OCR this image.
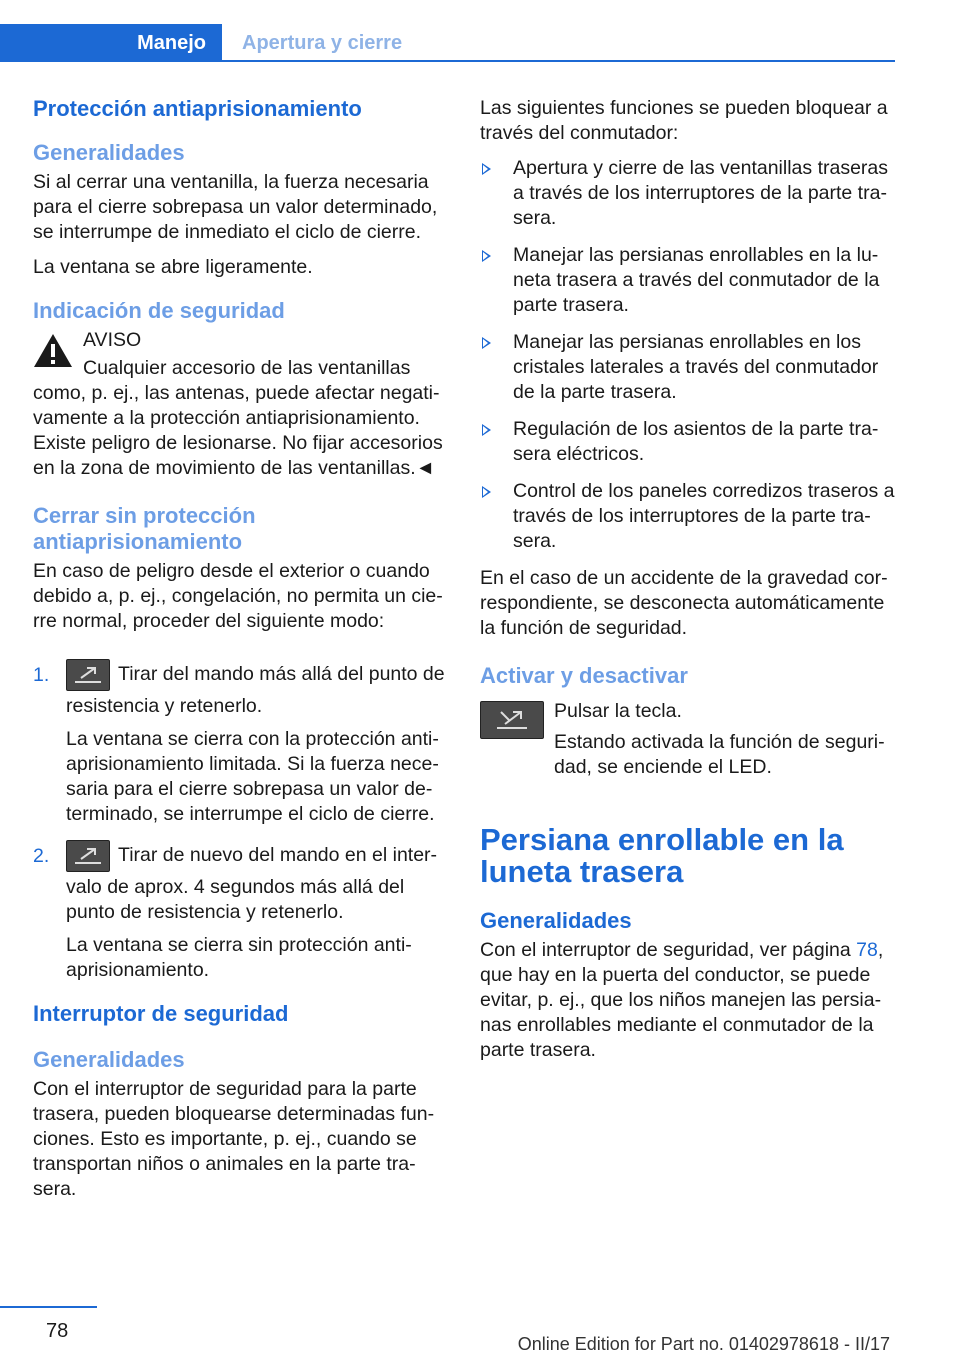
Manejo Apertura y cierre
Protección antiaprisionamiento
Generalidades

Si al cerrar una ventanilla, la fuerza necesaria para el cierre sobrepasa un valor determinado, se interrumpe de inmediato el ciclo de cierre.

La ventana se abre ligeramente.

Indicación de seguridad
AVISO

Cualquier accesorio de las ventanillas como, p. ej., las antenas, puede afectar negativamente a la protección antiaprisionamiento. Existe peligro de lesionarse. No fijar accesorios en la zona de movimiento de las ventanillas.◄

Cerrar sin protección antiaprisionamiento

En caso de peligro desde el exterior o cuando debido a, p. ej., congelación, no permita un cierre normal, proceder del siguiente modo:

1.	Tirar del mando más allá del punto de resistencia y retenerlo.

La ventana se cierra con la protección antiaprisionamiento limitada. Si la fuerza necesaria para el cierre sobrepasa un valor determinado, se interrumpe el ciclo de cierre.

2.	Tirar de nuevo del mando en el intervalo de aprox. 4 segundos más allá del punto de resistencia y retenerlo.

La ventana se cierra sin protección antiaprisionamiento.

Interruptor de seguridad
Generalidades

Con el interruptor de seguridad para la parte trasera, pueden bloquearse determinadas funciones. Esto es importante, p. ej., cuando se transportan niños o animales en la parte trasera.

Las siguientes funciones se pueden bloquear a través del conmutador:

Apertura y cierre de las ventanillas traseras a través de los interruptores de la parte trasera.
Manejar las persianas enrollables en la luneta trasera a través del conmutador de la parte trasera.
Manejar las persianas enrollables en los cristales laterales a través del conmutador de la parte trasera.
Regulación de los asientos de la parte trasera eléctricos.
Control de los paneles corredizos traseros a través de los interruptores de la parte trasera.

En el caso de un accidente de la gravedad correspondiente, se desconecta automáticamente la función de seguridad.

Activar y desactivar
Pulsar la tecla.
Estando activada la función de seguridad, se enciende el LED.
Persiana enrollable en la luneta trasera
Generalidades

Con el interruptor de seguridad, ver página 78, que hay en la puerta del conductor, se puede evitar, p. ej., que los niños manejen las persianas enrollables mediante el conmutador de la parte trasera.

78
Online Edition for Part no. 01402978618 - II/17
